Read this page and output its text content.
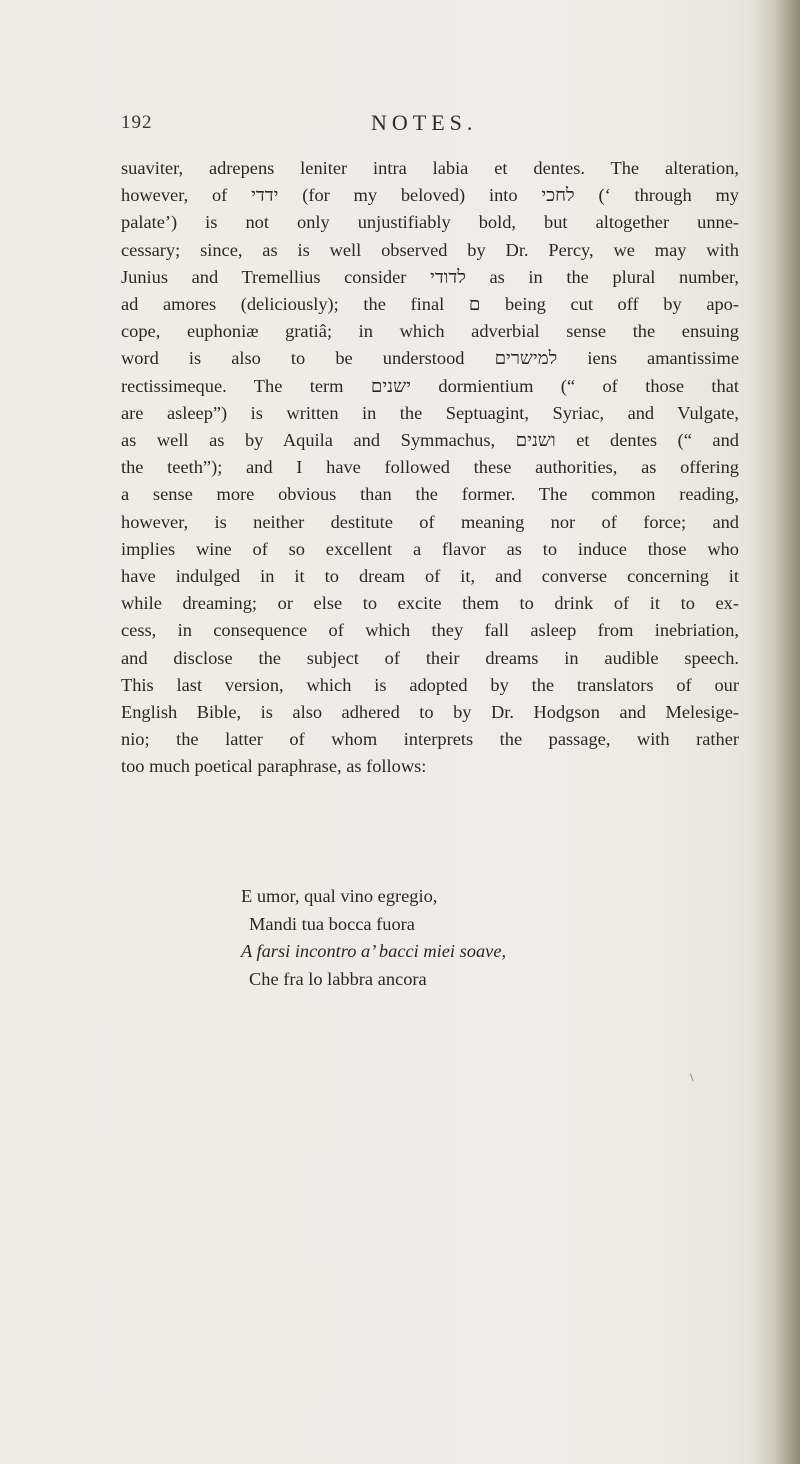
192	NOTES.
suaviter, adrepens leniter intra labia et dentes. The alteration,
however, of ידדי (for my beloved) into לחכי (‘ through my
palate’) is not only unjustifiably bold, but altogether unne-
cessary; since, as is well observed by Dr. Percy, we may with
Junius and Tremellius consider לדודי as in the plural number,
ad amores (deliciously); the final ם being cut off by apo-
cope, euphoniæ gratiâ; in which adverbial sense the ensuing
word is also to be understood למישרים iens amantissime
rectissimeque. The term ישנים dormientium (“ of those that
are asleep”) is written in the Septuagint, Syriac, and Vulgate,
as well as by Aquila and Symmachus, ושנים et dentes (“ and
the teeth”); and I have followed these authorities, as offering
a sense more obvious than the former. The common reading,
however, is neither destitute of meaning nor of force; and
implies wine of so excellent a flavor as to induce those who
have indulged in it to dream of it, and converse concerning it
while dreaming; or else to excite them to drink of it to ex-
cess, in consequence of which they fall asleep from inebriation,
and disclose the subject of their dreams in audible speech.
This last version, which is adopted by the translators of our
English Bible, is also adhered to by Dr. Hodgson and Melesige-
nio; the latter of whom interprets the passage, with rather
too much poetical paraphrase, as follows:
E umor, qual vino egregio,
Mandi tua bocca fuora
A farsi incontro a’ bacci miei soave,
Che fra lo labbra ancora
\
